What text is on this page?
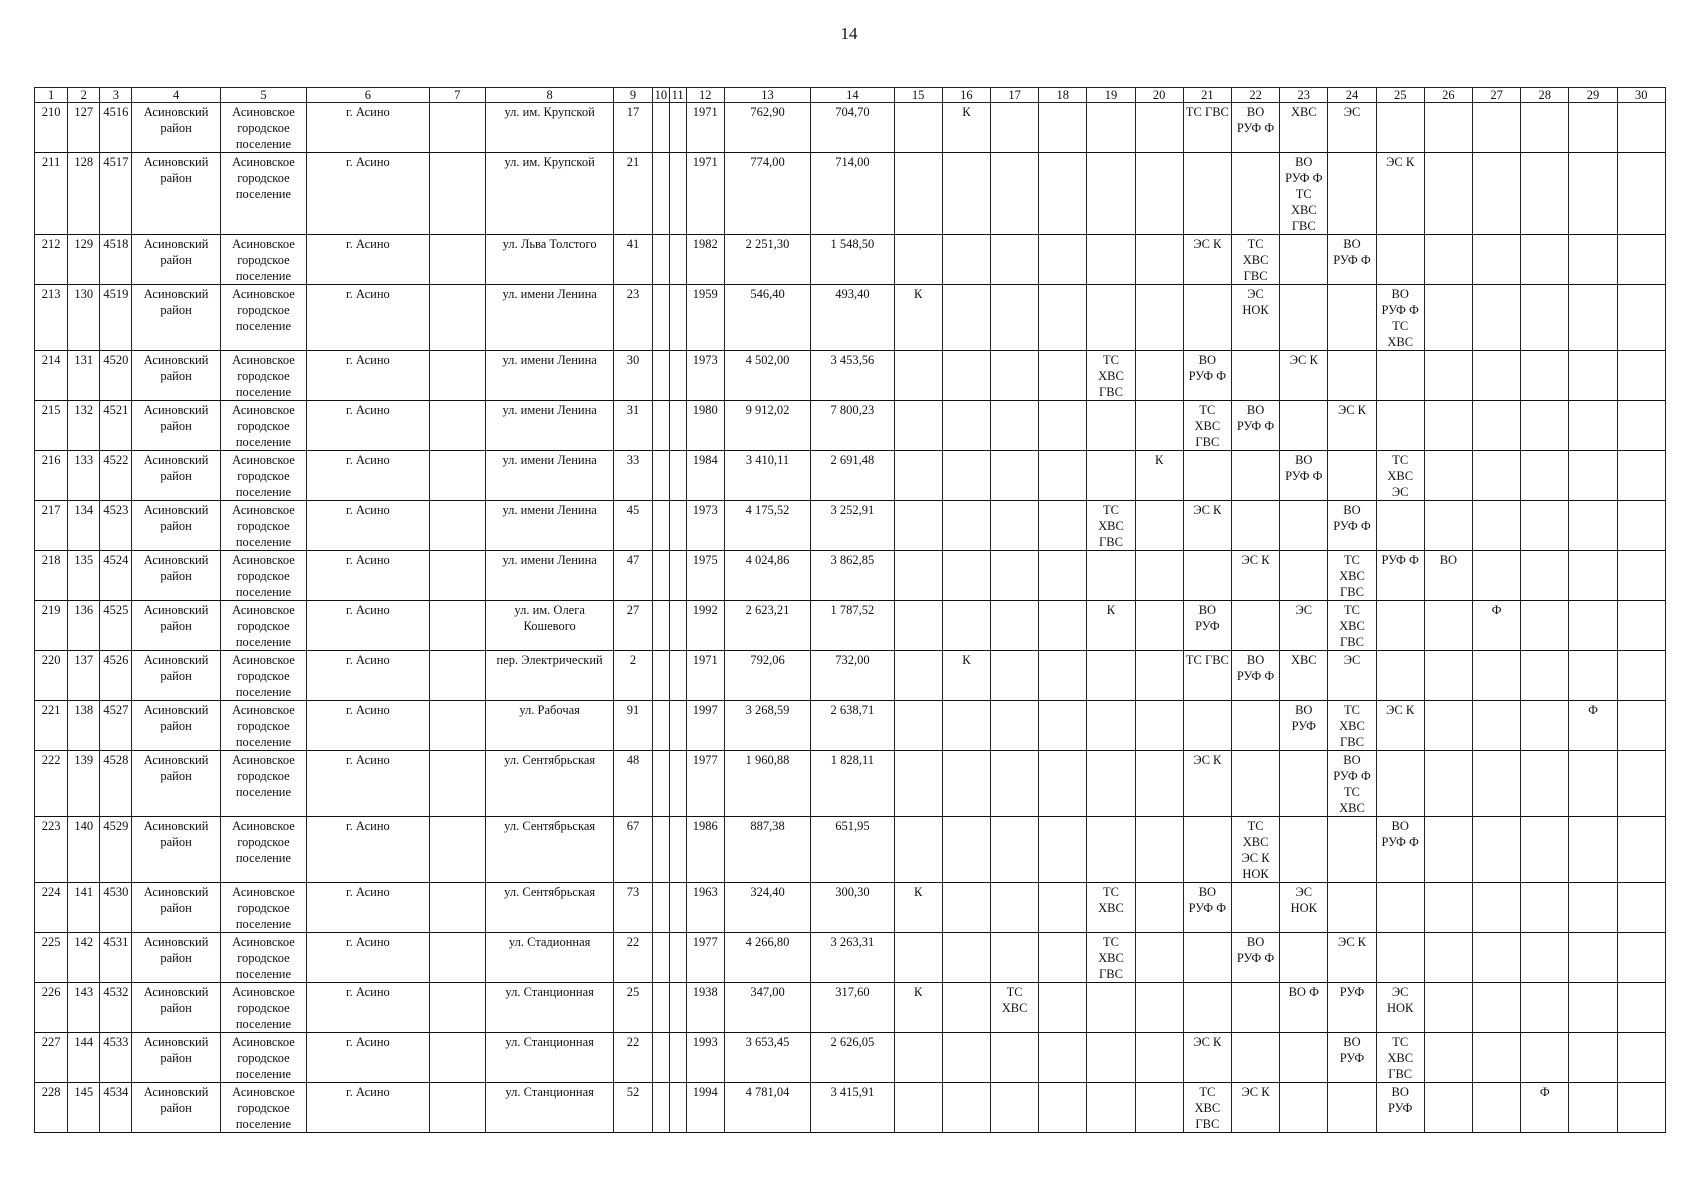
14
1	2	3	4	5	6	7	8	9	10	11	12	13	14	15	16	17	18	19	20	21	22	23	24	25	26	27	28	29	30
210	127	4516	Асиновский район	Асиновское городское поселение	г. Асино		ул. им. Крупской	17			1971	762,90	704,70		К					ТС ГВС	ВО РУФ Ф	ХВС	ЭС						
211	128	4517	Асиновский район	Асиновское городское поселение	г. Асино		ул. им. Крупской	21			1971	774,00	714,00									ВО РУФ Ф ТС ХВС ГВС		ЭС К					
212	129	4518	Асиновский район	Асиновское городское поселение	г. Асино		ул. Льва Толстого	41			1982	2 251,30	1 548,50							ЭС К	ТС ХВС ГВС		ВО РУФ Ф						
213	130	4519	Асиновский район	Асиновское городское поселение	г. Асино		ул. имени Ленина	23			1959	546,40	493,40	К							ЭС НОК			ВО РУФ Ф ТС ХВС					
214	131	4520	Асиновский район	Асиновское городское поселение	г. Асино		ул. имени Ленина	30			1973	4 502,00	3 453,56					ТС ХВС ГВС		ВО РУФ Ф		ЭС К							
215	132	4521	Асиновский район	Асиновское городское поселение	г. Асино		ул. имени Ленина	31			1980	9 912,02	7 800,23							ТС ХВС ГВС	ВО РУФ Ф		ЭС К						
216	133	4522	Асиновский район	Асиновское городское поселение	г. Асино		ул. имени Ленина	33			1984	3 410,11	2 691,48						К			ВО РУФ Ф		ТС ХВС ЭС					
217	134	4523	Асиновский район	Асиновское городское поселение	г. Асино		ул. имени Ленина	45			1973	4 175,52	3 252,91					ТС ХВС ГВС		ЭС К			ВО РУФ Ф						
218	135	4524	Асиновский район	Асиновское городское поселение	г. Асино		ул. имени Ленина	47			1975	4 024,86	3 862,85								ЭС К		ТС ХВС ГВС	РУФ Ф	ВО				
219	136	4525	Асиновский район	Асиновское городское поселение	г. Асино		ул. им. Олега Кошевого	27			1992	2 623,21	1 787,52					К		ВО РУФ		ЭС	ТС ХВС ГВС			Ф			
220	137	4526	Асиновский район	Асиновское городское поселение	г. Асино		пер. Электрический	2			1971	792,06	732,00		К					ТС ГВС	ВО РУФ Ф	ХВС	ЭС						
221	138	4527	Асиновский район	Асиновское городское поселение	г. Асино		ул. Рабочая	91			1997	3 268,59	2 638,71									ВО РУФ	ТС ХВС ГВС	ЭС К				Ф	
222	139	4528	Асиновский район	Асиновское городское поселение	г. Асино		ул. Сентябрьская	48			1977	1 960,88	1 828,11							ЭС К			ВО РУФ Ф ТС ХВС						
223	140	4529	Асиновский район	Асиновское городское поселение	г. Асино		ул. Сентябрьская	67			1986	887,38	651,95								ТС ХВС ЭС К НОК			ВО РУФ Ф					
224	141	4530	Асиновский район	Асиновское городское поселение	г. Асино		ул. Сентябрьская	73			1963	324,40	300,30	К				ТС ХВС		ВО РУФ Ф		ЭС НОК							
225	142	4531	Асиновский район	Асиновское городское поселение	г. Асино		ул. Стадионная	22			1977	4 266,80	3 263,31					ТС ХВС ГВС			ВО РУФ Ф		ЭС К						
226	143	4532	Асиновский район	Асиновское городское поселение	г. Асино		ул. Станционная	25			1938	347,00	317,60	К		ТС ХВС						ВО Ф	РУФ	ЭС НОК					
227	144	4533	Асиновский район	Асиновское городское поселение	г. Асино		ул. Станционная	22			1993	3 653,45	2 626,05							ЭС К			ВО РУФ	ТС ХВС ГВС					
228	145	4534	Асиновский район	Асиновское городское поселение	г. Асино		ул. Станционная	52			1994	4 781,04	3 415,91							ТС ХВС ГВС	ЭС К			ВО РУФ			Ф		
